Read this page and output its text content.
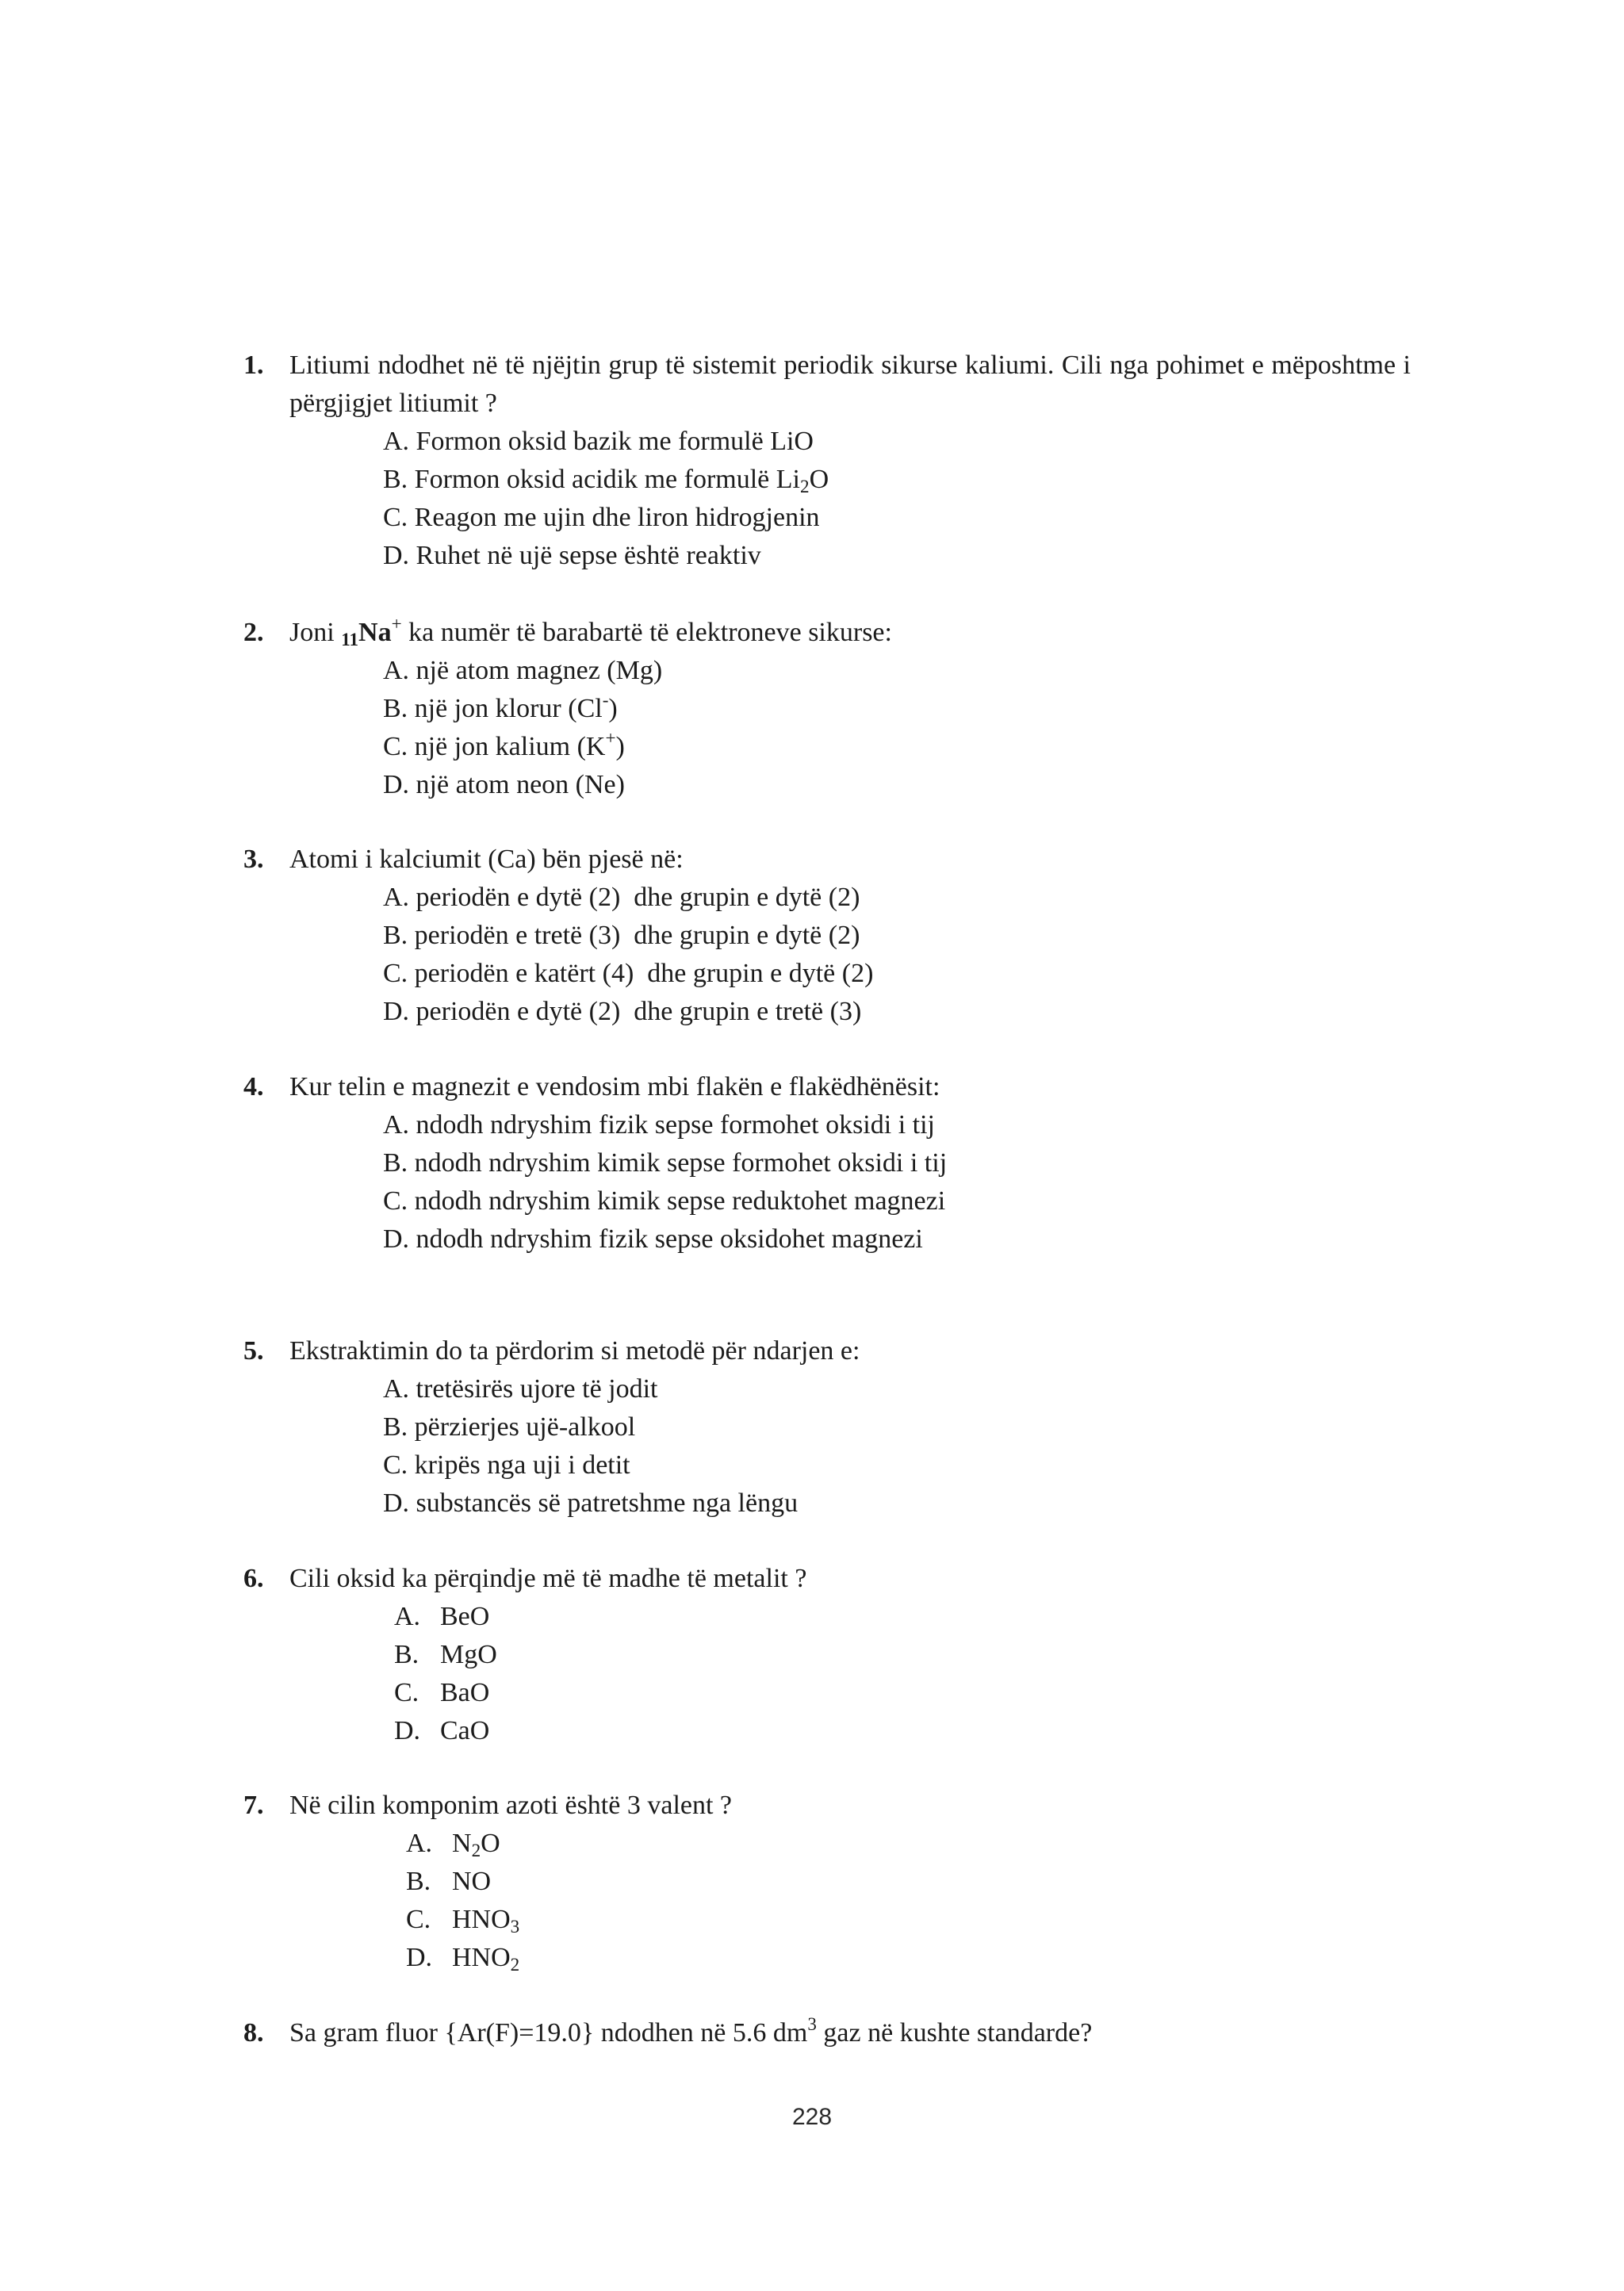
1. Litiumi ndodhet në të njëjtin grup të sistemit periodik sikurse kaliumi. Cili nga pohimet e mëposhtme i përgjigjet litiumit ?
A. Formon oksid bazik me formulë LiO
B. Formon oksid acidik me formulë $Li_2O$
C. Reagon me ujin dhe liron hidrogjenin
D. Ruhet në ujë sepse është reaktiv
2. Joni $_{11}$Na+ ka numër të barabartë të elektroneve sikurse:
A. një atom magnez (Mg)
B. një jon klorur (Cl-)
C. një jon kalium (K+)
D. një atom neon (Ne)
3. Atomi i kalciumit (Ca) bën pjesë në:
A. periodën e dytë (2)  dhe grupin e dytë (2)
B. periodën e tretë (3)  dhe grupin e dytë (2)
C. periodën e katërt (4)  dhe grupin e dytë (2)
D. periodën e dytë (2)  dhe grupin e tretë (3)
4. Kur telin e magnezit e vendosim mbi flakën e flakëdhënësit:
A. ndodh ndryshim fizik sepse formohet oksidi i tij
B. ndodh ndryshim kimik sepse formohet oksidi i tij
C. ndodh ndryshim kimik sepse reduktohet magnezi
D. ndodh ndryshim fizik sepse oksidohet magnezi
5. Ekstraktimin do ta përdorim si metodë për ndarjen e:
A. tretësirës ujore të jodit
B. përzierjes ujë-alkool
C. kripës nga uji i detit
D. substancës së patretshme nga lëngu
6. Cili oksid ka përqindje më të madhe të metalit ?
A. BeO
B. MgO
C. BaO
D. CaO
7. Në cilin komponim azoti është 3 valent ?
A. $N_2O$
B. NO
C. $HNO_3$
D. $HNO_2$
8. Sa gram fluor {Ar(F)=19.0} ndodhen në 5.6 $dm^3$ gaz në kushte standarde?
228
